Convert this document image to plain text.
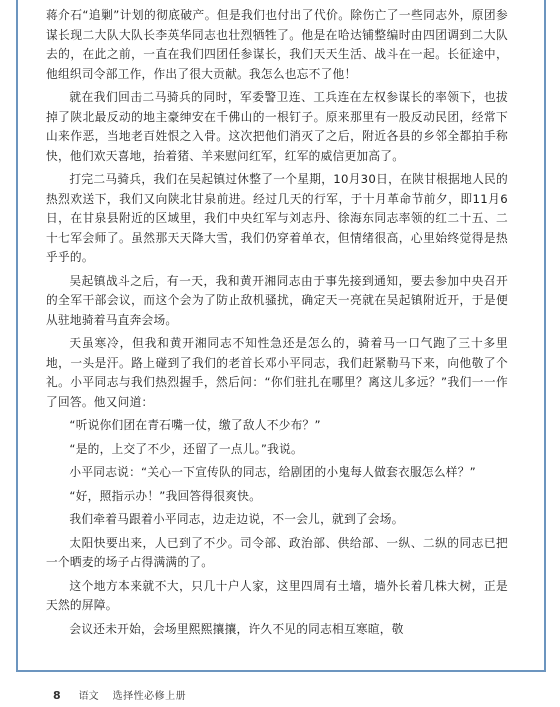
蒋介石“追剿”计划的彻底破产。但是我们也付出了代价。除伤亡了一些同志外，原团参谋长现二大队大队长李英华同志也壮烈牺牲了。他是在哈达铺整编时由四团调到二大队去的，在此之前，一直在我们四团任参谋长，我们天天生活、战斗在一起。长征途中，他组织司令部工作，作出了很大贡献。我怎么也忘不了他！

就在我们回击二马骑兵的同时，军委警卫连、工兵连在左权参谋长的率领下，也拔掉了陕北最反动的地主豪绅安在千佛山的一根钉子。原来那里有一股反动民团，经常下山来作恶，当地老百姓恨之入骨。这次把他们消灭了之后，附近各县的乡邻全都拍手称快，他们欢天喜地，抬着猪、羊来慰问红军，红军的威信更加高了。

打完二马骑兵，我们在吴起镇过休整了一个星期，10月30日，在陕甘根据地人民的热烈欢送下，我们又向陕北甘泉前进。经过几天的行军，于十月革命节前夕，即11月6日，在甘泉县附近的区域里，我们中央红军与刘志丹、徐海东同志率领的红二十五、二十七军会师了。虽然那天天降大雪，我们仍穿着单衣，但情绪很高，心里始终觉得是热乎乎的。

吴起镇战斗之后，有一天，我和黄开湘同志由于事先接到通知，要去参加中央召开的全军干部会议，而这个会为了防止敌机骚扰，确定天一亮就在吴起镇附近开，于是便从驻地骑着马直奔会场。

天虽寒冷，但我和黄开湘同志不知性急还是怎么的，骑着马一口气跑了三十多里地，一头是汗。路上碰到了我们的老首长邓小平同志，我们赶紧勒马下来，向他敬了个礼。小平同志与我们热烈握手，然后问：“你们驻扎在哪里？离这儿多远？”我们一一作了回答。他又问道：

“听说你们团在青石嘴一仗，缴了敌人不少布？”

“是的，上交了不少，还留了一点儿。”我说。

小平同志说：“关心一下宣传队的同志，给剧团的小鬼每人做套衣服怎么样？”

“好，照指示办！”我回答得很爽快。

我们牵着马跟着小平同志，边走边说，不一会儿，就到了会场。

太阳快要出来，人已到了不少。司令部、政治部、供给部、一纵、二纵的同志已把一个晒麦的场子占得满满的了。

这个地方本来就不大，只几十户人家，这里四周有土墙，墙外长着几株大树，正是天然的屏障。

会议还未开始，会场里熙熙攘攘，许久不见的同志相互寒暄，敬

8 语文 选择性必修上册
